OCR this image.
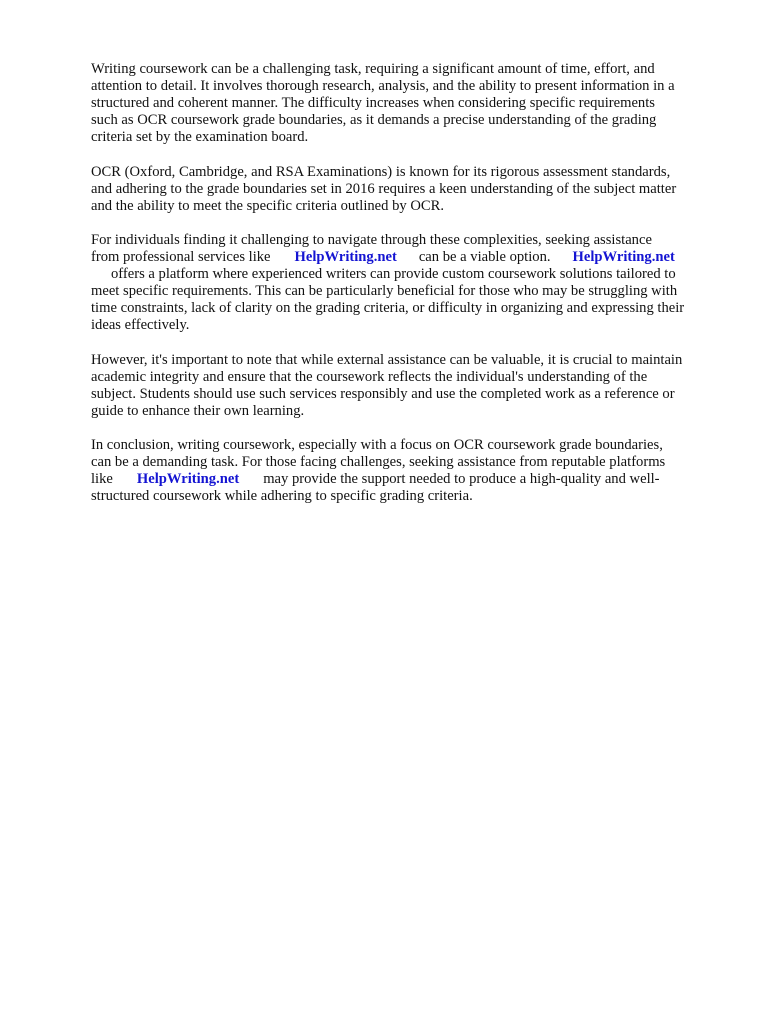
Writing coursework can be a challenging task, requiring a significant amount of time, effort, and
attention to detail. It involves thorough research, analysis, and the ability to present information in a
structured and coherent manner. The difficulty increases when considering specific requirements
such as OCR coursework grade boundaries, as it demands a precise understanding of the grading
criteria set by the examination board.

OCR (Oxford, Cambridge, and RSA Examinations) is known for its rigorous assessment standards,
and adhering to the grade boundaries set in 2016 requires a keen understanding of the subject matter
and the ability to meet the specific criteria outlined by OCR.

For individuals finding it challenging to navigate through these complexities, seeking assistance
from professional services like HelpWriting.net can be a viable option. HelpWriting.net
offers a platform where experienced writers can provide custom coursework solutions tailored to
meet specific requirements. This can be particularly beneficial for those who may be struggling with
time constraints, lack of clarity on the grading criteria, or difficulty in organizing and expressing their
ideas effectively.

However, it's important to note that while external assistance can be valuable, it is crucial to maintain
academic integrity and ensure that the coursework reflects the individual's understanding of the
subject. Students should use such services responsibly and use the completed work as a reference or
guide to enhance their own learning.

In conclusion, writing coursework, especially with a focus on OCR coursework grade boundaries,
can be a demanding task. For those facing challenges, seeking assistance from reputable platforms
like HelpWriting.net may provide the support needed to produce a high-quality and well-
structured coursework while adhering to specific grading criteria.
